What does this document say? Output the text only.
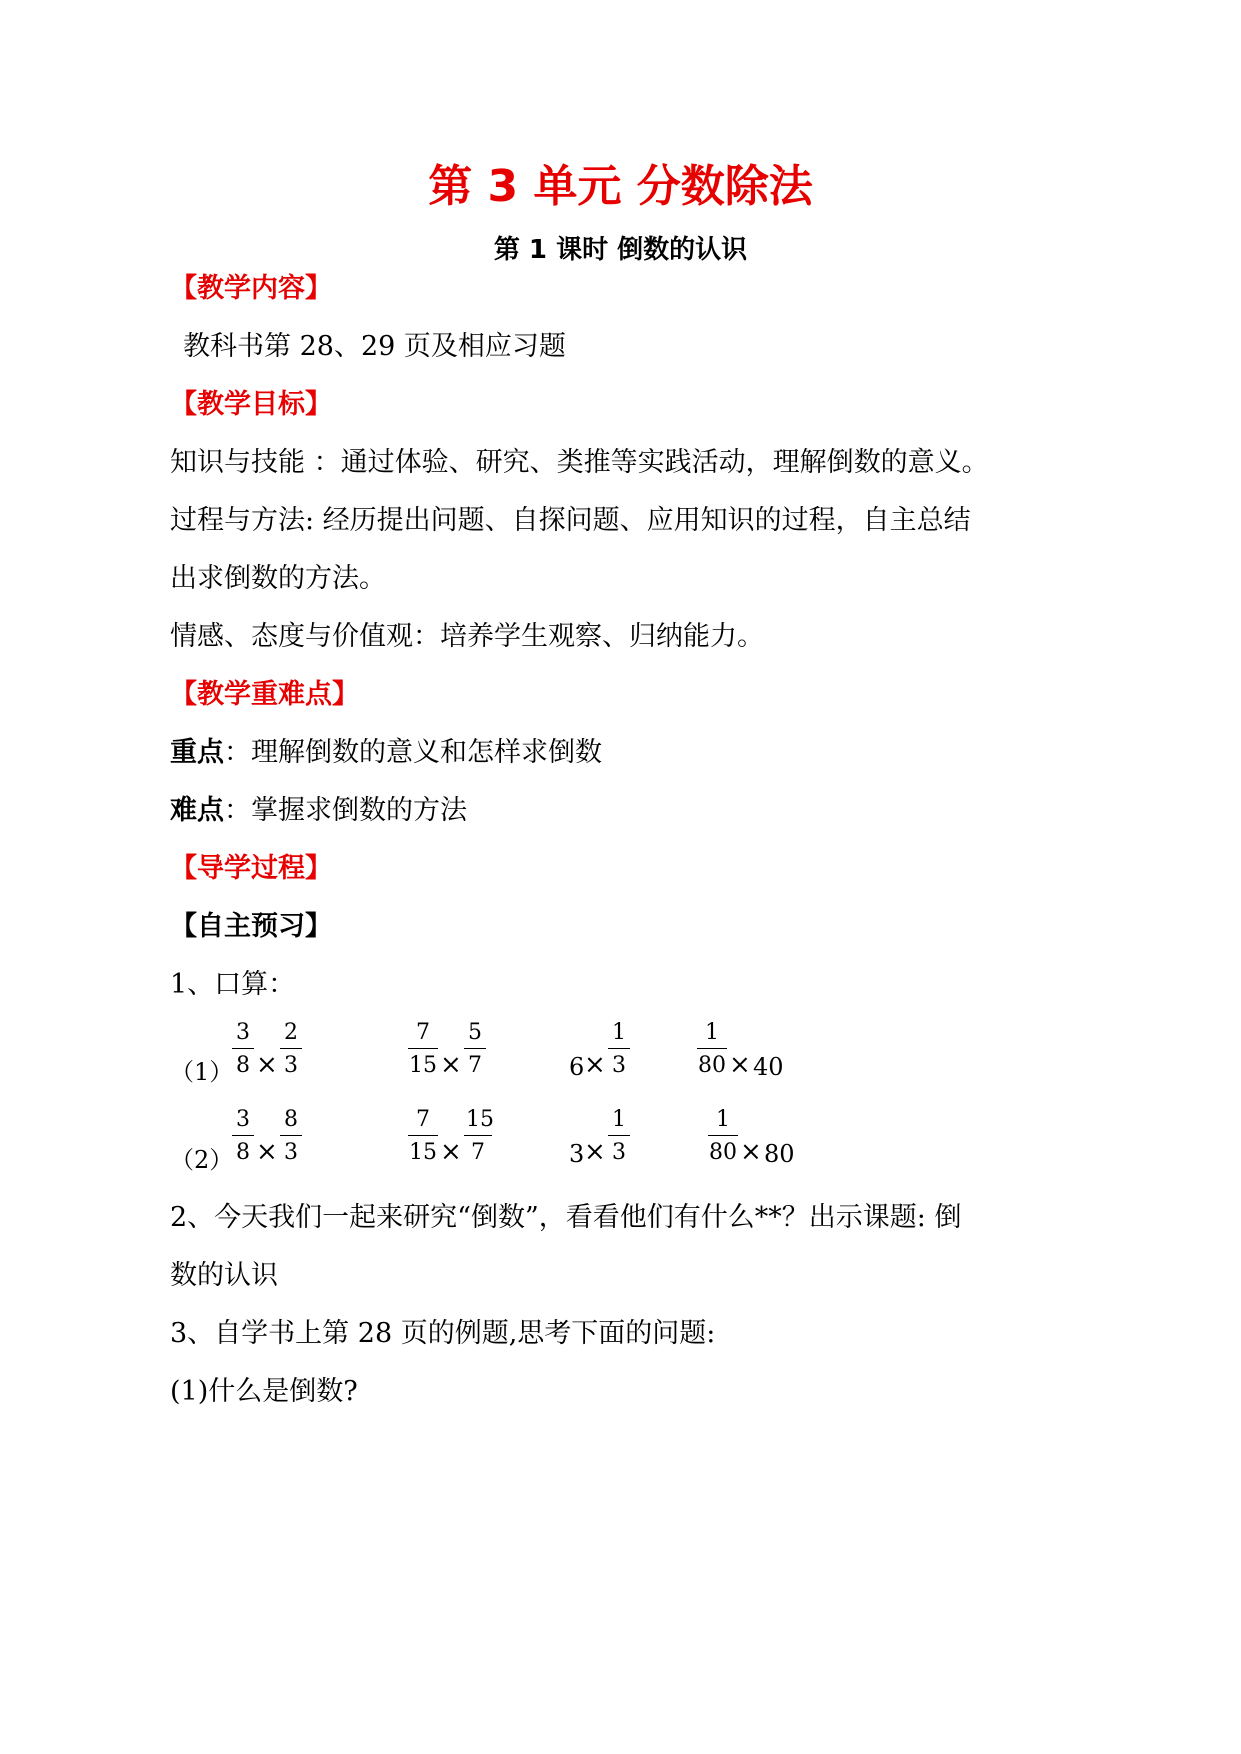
第 3 单元 分数除法
第 1 课时 倒数的认识
【教学内容】
教科书第 28、29 页及相应习题
【教学目标】
知识与技能 ：通过体验、研究、类推等实践活动，理解倒数的意义。
过程与方法: 经历提出问题、自探问题、应用知识的过程，自主总结
出求倒数的方法。
情感、态度与价值观：培养学生观察、归纳能力。
【教学重难点】
重点：理解倒数的意义和怎样求倒数
难点：掌握求倒数的方法
【导学过程】
【自主预习】
1、口算：
（1）
3
8 ×
2
3
7
15 ×
5
7	6 ×
1
3
1
80 × 40
（2）
3
8 ×
8
3
7
15 ×
15
7	3 ×
1
3
1
80 × 80
2、今天我们一起来研究“倒数”，看看他们有什么**？出示课题: 倒
数的认识
3、自学书上第 28 页的例题,思考下面的问题:
(1)什么是倒数?
